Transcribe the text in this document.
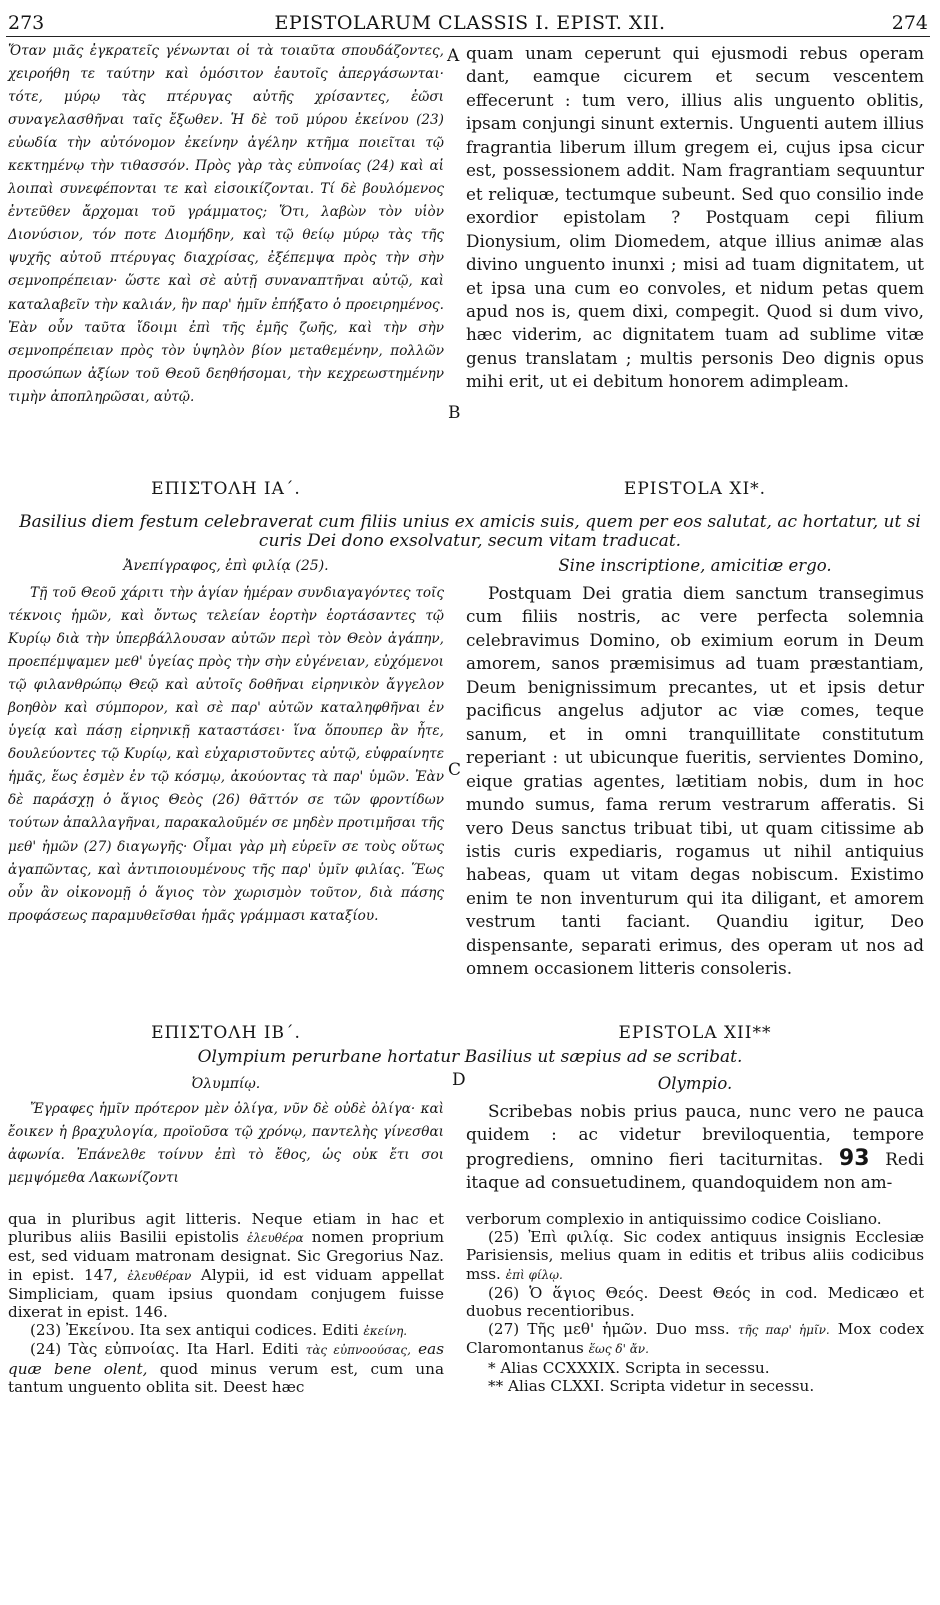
273	EPISTOLARUM CLASSIS I. EPIST. XII.	274

Ὅταν μιᾶς ἐγκρατεῖς γένωνται οἱ τὰ τοιαῦτα σπουδάζοντες, χειροήθη τε ταύτην καὶ ὁμόσιτον ἑαυτοῖς ἀπεργάσωνται· τότε, μύρῳ τὰς πτέρυγας αὐτῆς χρίσαντες, ἐῶσι συναγελασθῆναι ταῖς ἔξωθεν. Ἡ δὲ τοῦ μύρου ἐκείνου (23) εὐωδία τὴν αὐτόνομον ἐκείνην ἀγέλην κτῆμα ποιεῖται τῷ κεκτημένῳ τὴν τιθασσόν. Πρὸς γὰρ τὰς εὐπνοίας (24) καὶ αἱ λοιπαὶ συνεφέπονται τε καὶ εἰσοικίζονται. Τί δὲ βουλόμενος ἐντεῦθεν ἄρχομαι τοῦ γράμματος; Ὅτι, λαβὼν τὸν υἱὸν Διονύσιον, τόν ποτε Διομήδην, καὶ τῷ θείῳ μύρῳ τὰς τῆς ψυχῆς αὐτοῦ πτέρυγας διαχρίσας, ἐξέπεμψα πρὸς τὴν σὴν σεμνοπρέπειαν· ὥστε καὶ σὲ αὐτῇ συναναπτῆναι αὐτῷ, καὶ καταλαβεῖν τὴν καλιάν, ἣν παρ' ἡμῖν ἐπήξατο ὁ προειρημένος. Ἐὰν οὖν ταῦτα ἴδοιμι ἐπὶ τῆς ἐμῆς ζωῆς, καὶ τὴν σὴν σεμνοπρέπειαν πρὸς τὸν ὑψηλὸν βίον μεταθεμένην, πολλῶν προσώπων ἀξίων τοῦ Θεοῦ δεηθήσομαι, τὴν κεχρεωστημένην τιμὴν ἀποπληρῶσαι, αὐτῷ.

A
B

quam unam ceperunt qui ejusmodi rebus operam dant, eamque cicurem et secum vescentem effecerunt : tum vero, illius alis unguento oblitis, ipsam conjungi sinunt externis. Unguenti autem illius fragrantia liberum illum gregem ei, cujus ipsa cicur est, possessionem addit. Nam fragrantiam sequuntur et reliquæ, tectumque subeunt. Sed quo consilio inde exordior epistolam ? Postquam cepi filium Dionysium, olim Diomedem, atque illius animæ alas divino unguento inunxi ; misi ad tuam dignitatem, ut et ipsa una cum eo convoles, et nidum petas quem apud nos is, quem dixi, compegit. Quod si dum vivo, hæc viderim, ac dignitatem tuam ad sublime vitæ genus translatam ; multis personis Deo dignis opus mihi erit, ut ei debitum honorem adimpleam.

ΕΠΙΣΤΟΛΗ ΙΑ΄.	EPISTOLA XI*.
Basilius diem festum celebraverat cum filiis unius ex amicis suis, quem per eos salutat, ac hortatur, ut si curis Dei dono exsolvatur, secum vitam traducat.
Ἀνεπίγραφος, ἐπὶ φιλίᾳ (25).	Sine inscriptione, amicitiæ ergo.

Τῇ τοῦ Θεοῦ χάριτι τὴν ἁγίαν ἡμέραν συνδιαγαγόντες τοῖς τέκνοις ἡμῶν, καὶ ὄντως τελείαν ἑορτὴν ἑορτάσαντες τῷ Κυρίῳ διὰ τὴν ὑπερβάλλουσαν αὐτῶν περὶ τὸν Θεὸν ἀγάπην, προεπέμψαμεν μεθ' ὑγείας πρὸς τὴν σὴν εὐγένειαν, εὐχόμενοι τῷ φιλανθρώπῳ Θεῷ καὶ αὐτοῖς δοθῆναι εἰρηνικὸν ἄγγελον βοηθὸν καὶ σύμπορον, καὶ σὲ παρ' αὐτῶν καταληφθῆναι ἐν ὑγείᾳ καὶ πάσῃ εἰρηνικῇ καταστάσει· ἵνα ὅπουπερ ἂν ἦτε, δουλεύοντες τῷ Κυρίῳ, καὶ εὐχαριστοῦντες αὐτῷ, εὐφραίνητε ἡμᾶς, ἕως ἐσμὲν ἐν τῷ κόσμῳ, ἀκούοντας τὰ παρ' ὑμῶν. Ἐὰν δὲ παράσχῃ ὁ ἅγιος Θεὸς (26) θᾶττόν σε τῶν φροντίδων τούτων ἀπαλλαγῆναι, παρακαλοῦμέν σε μηδὲν προτιμῆσαι τῆς μεθ' ἡμῶν (27) διαγωγῆς· Οἶμαι γὰρ μὴ εὑρεῖν σε τοὺς οὕτως ἀγαπῶντας, καὶ ἀντιποιουμένους τῆς παρ' ὑμῖν φιλίας. Ἕως οὖν ἂν οἰκονομῇ ὁ ἅγιος τὸν χωρισμὸν τοῦτον, διὰ πάσης προφάσεως παραμυθεῖσθαι ἡμᾶς γράμμασι καταξίου.

C

Postquam Dei gratia diem sanctum transegimus cum filiis nostris, ac vere perfecta solemnia celebravimus Domino, ob eximium eorum in Deum amorem, sanos præmisimus ad tuam præstantiam, Deum benignissimum precantes, ut et ipsis detur pacificus angelus adjutor ac viæ comes, teque sanum, et in omni tranquillitate constitutum reperiant : ut ubicunque fueritis, servientes Domino, eique gratias agentes, lætitiam nobis, dum in hoc mundo sumus, fama rerum vestrarum afferatis. Si vero Deus sanctus tribuat tibi, ut quam citissime ab istis curis expediaris, rogamus ut nihil antiquius habeas, quam ut vitam degas nobiscum. Existimo enim te non inventurum qui ita diligant, et amorem vestrum tanti faciant. Quandiu igitur, Deo dispensante, separati erimus, des operam ut nos ad omnem occasionem litteris consoleris.

ΕΠΙΣΤΟΛΗ ΙΒ΄.	EPISTOLA XII**
Olympium perurbane hortatur Basilius ut sæpius ad se scribat.
Ὀλυμπίῳ.	D	Olympio.

Ἔγραφες ἡμῖν πρότερον μὲν ὀλίγα, νῦν δὲ οὐδὲ ὀλίγα· καὶ ἔοικεν ἡ βραχυλογία, προϊοῦσα τῷ χρόνῳ, παντελὴς γίνεσθαι ἀφωνία. Ἐπάνελθε τοίνυν ἐπὶ τὸ ἔθος, ὡς οὐκ ἔτι σοι μεμψόμεθα Λακωνίζοντι

Scribebas nobis prius pauca, nunc vero ne pauca quidem : ac videtur breviloquentia, tempore progrediens, omnino fieri taciturnitas. 93 Redi itaque ad consuetudinem, quandoquidem non am-

qua in pluribus agit litteris. Neque etiam in hac et pluribus aliis Basilii epistolis ἐλευθέρα nomen proprium est, sed viduam matronam designat. Sic Gregorius Naz. in epist. 147, ἐλευθέραν Alypii, id est viduam appellat Simpliciam, quam ipsius quondam conjugem fuisse dixerat in epist. 146.

(23) Ἐκείνου. Ita sex antiqui codices. Editi ἐκείνη.

(24) Τὰς εὐπνοίας. Ita Harl. Editi τὰς εὐπνοούσας, eas quæ bene olent, quod minus verum est, cum una tantum unguento oblita sit. Deest hæc

verborum complexio in antiquissimo codice Coisliano.

(25) Ἐπὶ φιλίᾳ. Sic codex antiquus insignis Ecclesiæ Parisiensis, melius quam in editis et tribus aliis codicibus mss. ἐπὶ φίλῳ.

(26) Ὁ ἅγιος Θεός. Deest Θεός in cod. Medicæo et duobus recentioribus.

(27) Τῆς μεθ' ἡμῶν. Duo mss. τῆς παρ' ἡμῖν. Mox codex Claromontanus ἕως δ' ἄν.

* Alias CCXXXIX. Scripta in secessu.

** Alias CLXXI. Scripta videtur in secessu.
